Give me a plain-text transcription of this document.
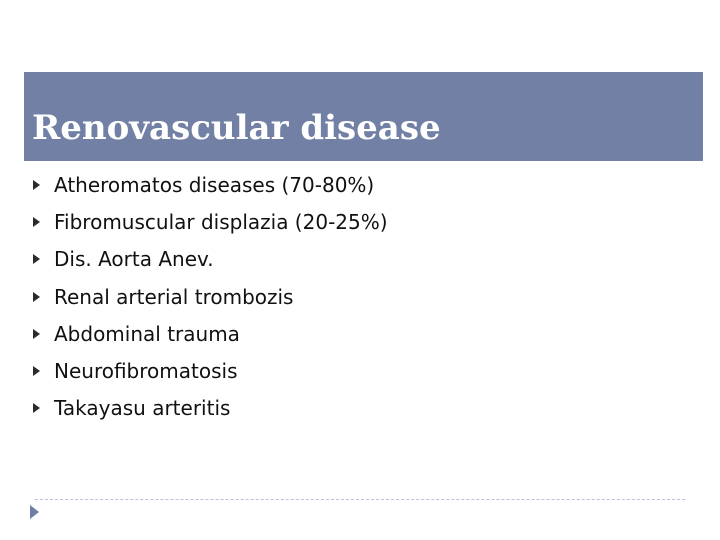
Renovascular disease
Atheromatos diseases (70-80%)
Fibromuscular displazia (20-25%)
Dis. Aorta Anev.
Renal arterial trombozis
Abdominal trauma
Neurofibromatosis
Takayasu arteritis
